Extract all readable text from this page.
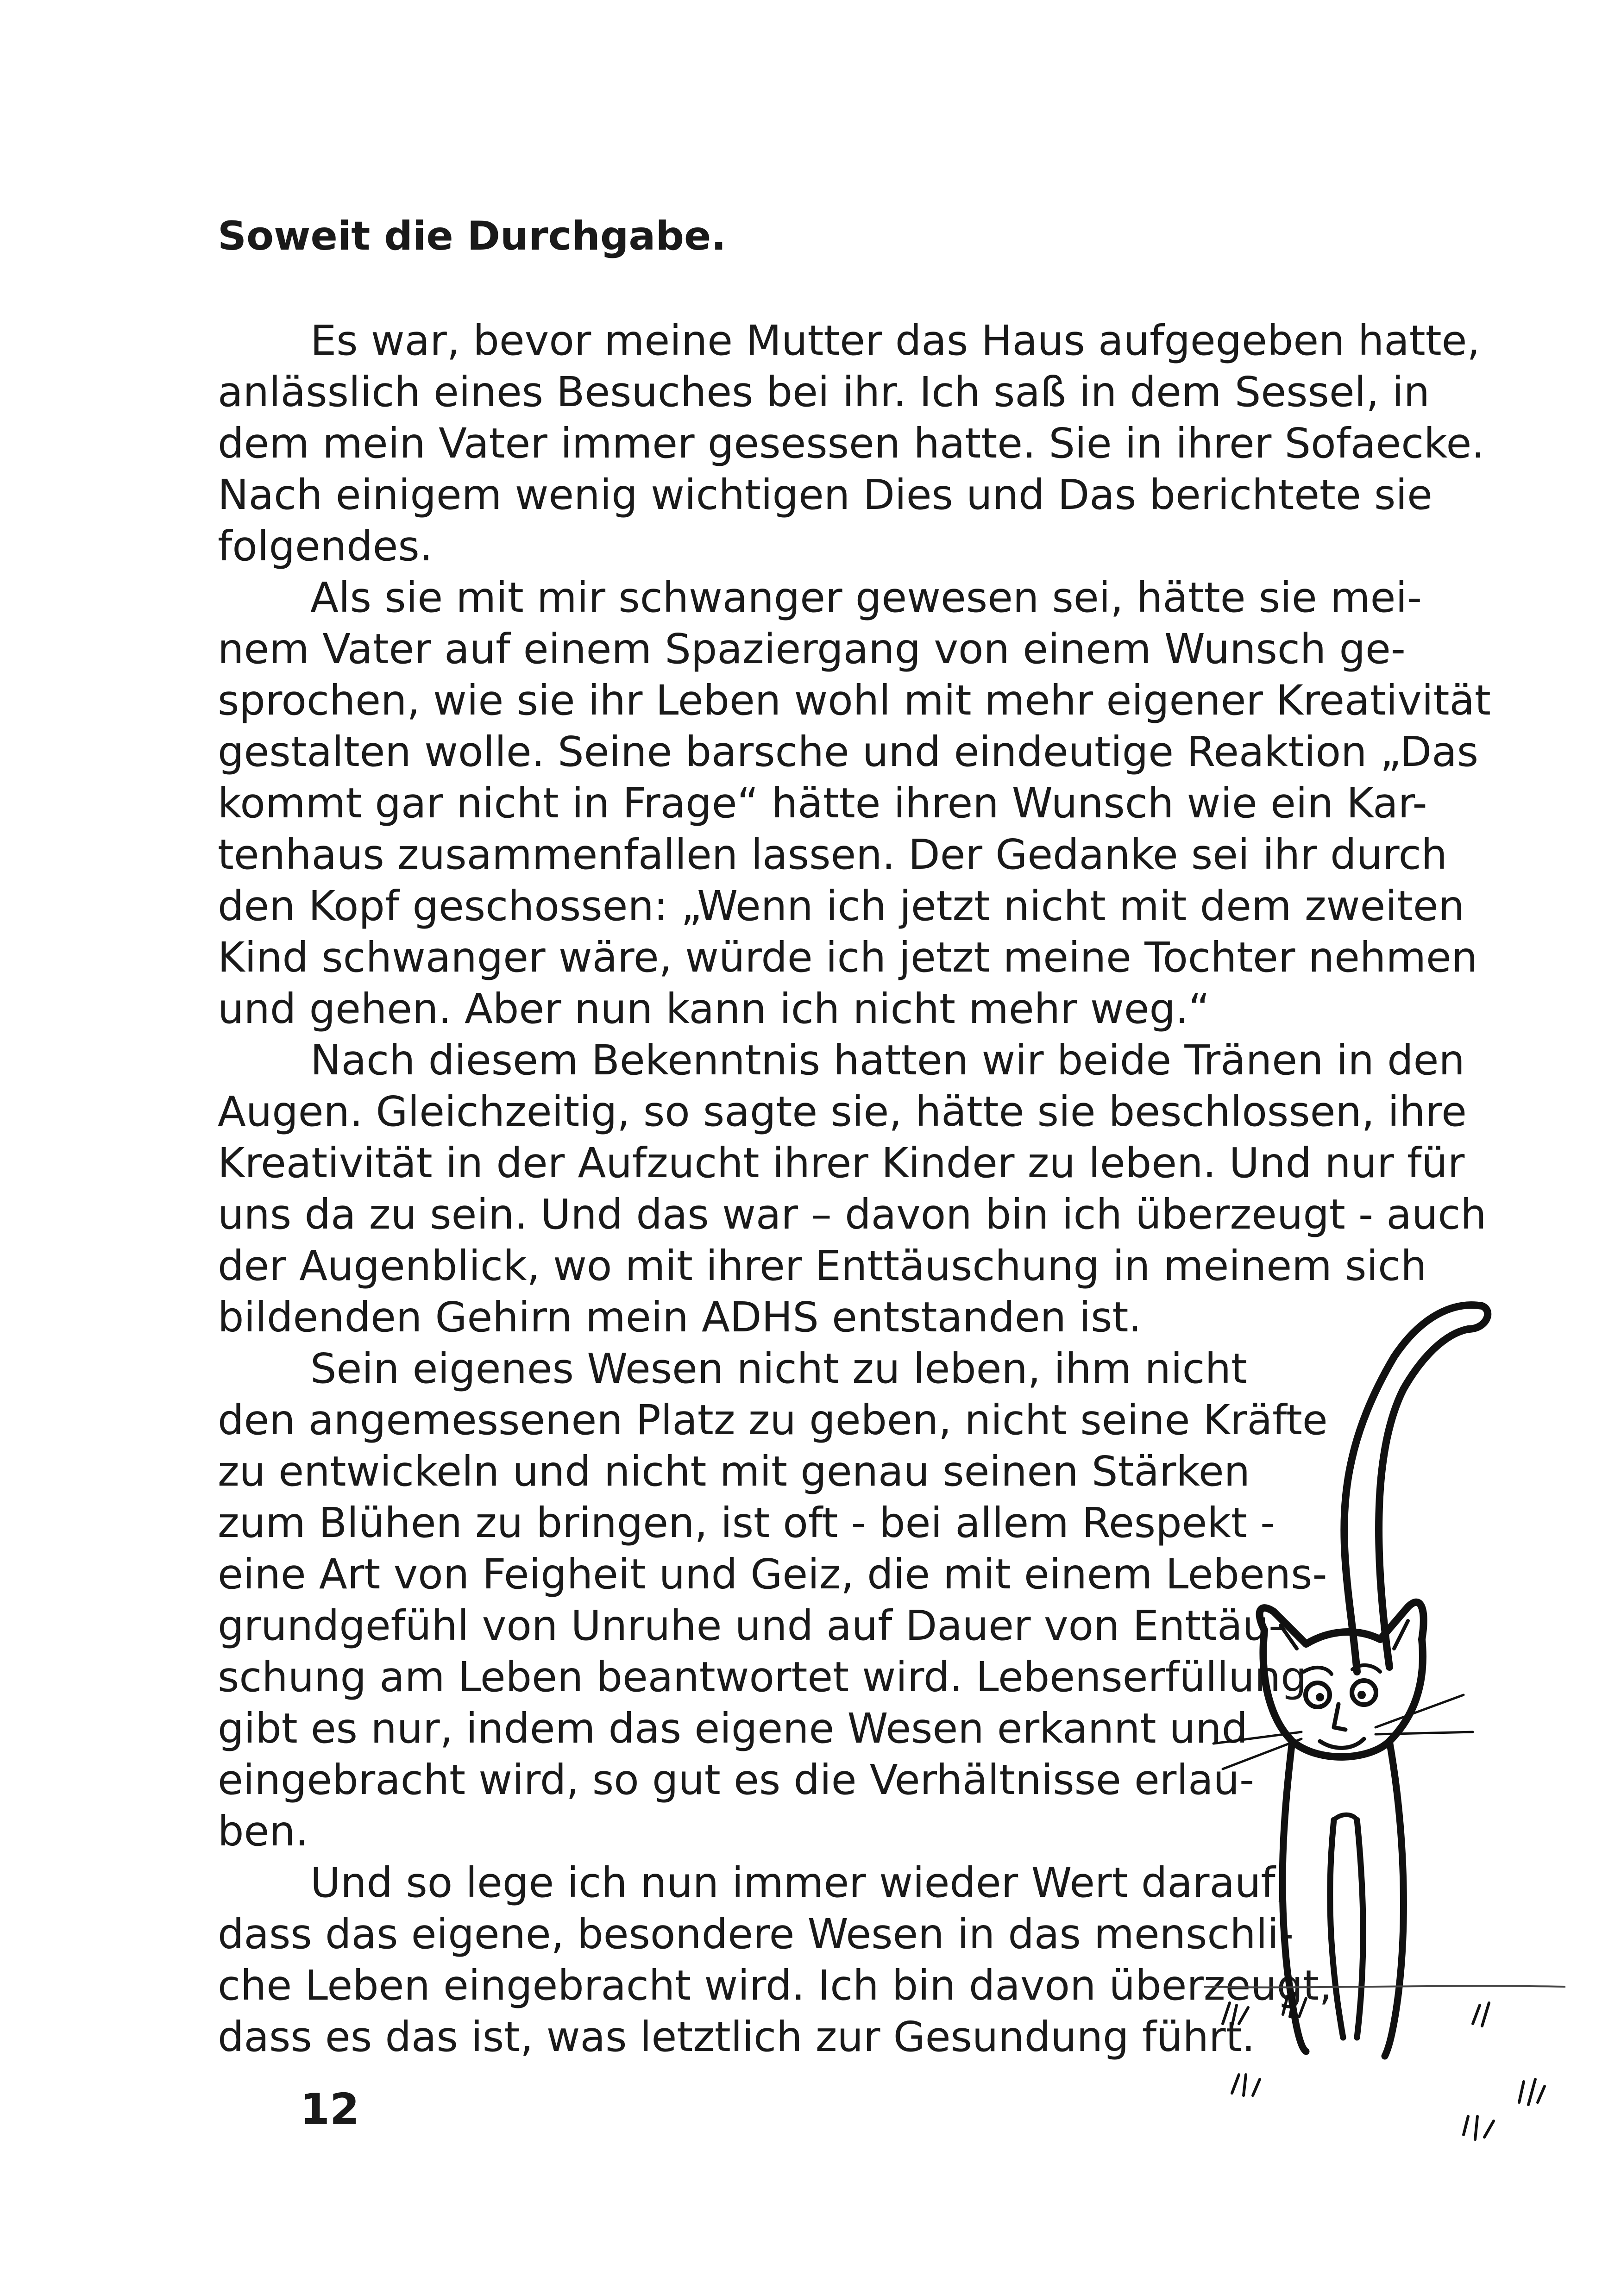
Soweit die Durchgabe.
Es war, bevor meine Mutter das Haus aufgegeben hatte,
anlässlich eines Besuches bei ihr. Ich saß in dem Sessel, in
dem mein Vater immer gesessen hatte. Sie in ihrer Sofaecke.
Nach einigem wenig wichtigen Dies und Das berichtete sie
folgendes.
Als sie mit mir schwanger gewesen sei, hätte sie mei-
nem Vater auf einem Spaziergang von einem Wunsch ge-
sprochen, wie sie ihr Leben wohl mit mehr eigener Kreativität
gestalten wolle. Seine barsche und eindeutige Reaktion „Das
kommt gar nicht in Frage“ hätte ihren Wunsch wie ein Kar-
tenhaus zusammenfallen lassen. Der Gedanke sei ihr durch
den Kopf geschossen: „Wenn ich jetzt nicht mit dem zweiten
Kind schwanger wäre, würde ich jetzt meine Tochter nehmen
und gehen. Aber nun kann ich nicht mehr weg.“
Nach diesem Bekenntnis hatten wir beide Tränen in den
Augen. Gleichzeitig, so sagte sie, hätte sie beschlossen, ihre
Kreativität in der Aufzucht ihrer Kinder zu leben. Und nur für
uns da zu sein. Und das war – davon bin ich überzeugt - auch
der Augenblick, wo mit ihrer Enttäuschung in meinem sich
bildenden Gehirn mein ADHS entstanden ist.
Sein eigenes Wesen nicht zu leben, ihm nicht
den angemessenen Platz zu geben, nicht seine Kräfte
zu entwickeln und nicht mit genau seinen Stärken
zum Blühen zu bringen, ist oft - bei allem Respekt -
eine Art von Feigheit und Geiz, die mit einem Lebens-
grundgefühl von Unruhe und auf Dauer von Enttäu-
schung am Leben beantwortet wird. Lebenserfüllung
gibt es nur, indem das eigene Wesen erkannt und
eingebracht wird, so gut es die Verhältnisse erlau-
ben.
Und so lege ich nun immer wieder Wert darauf,
dass das eigene, besondere Wesen in das menschli-
che Leben eingebracht wird. Ich bin davon überzeugt,
dass es das ist, was letztlich zur Gesundung führt.
12
